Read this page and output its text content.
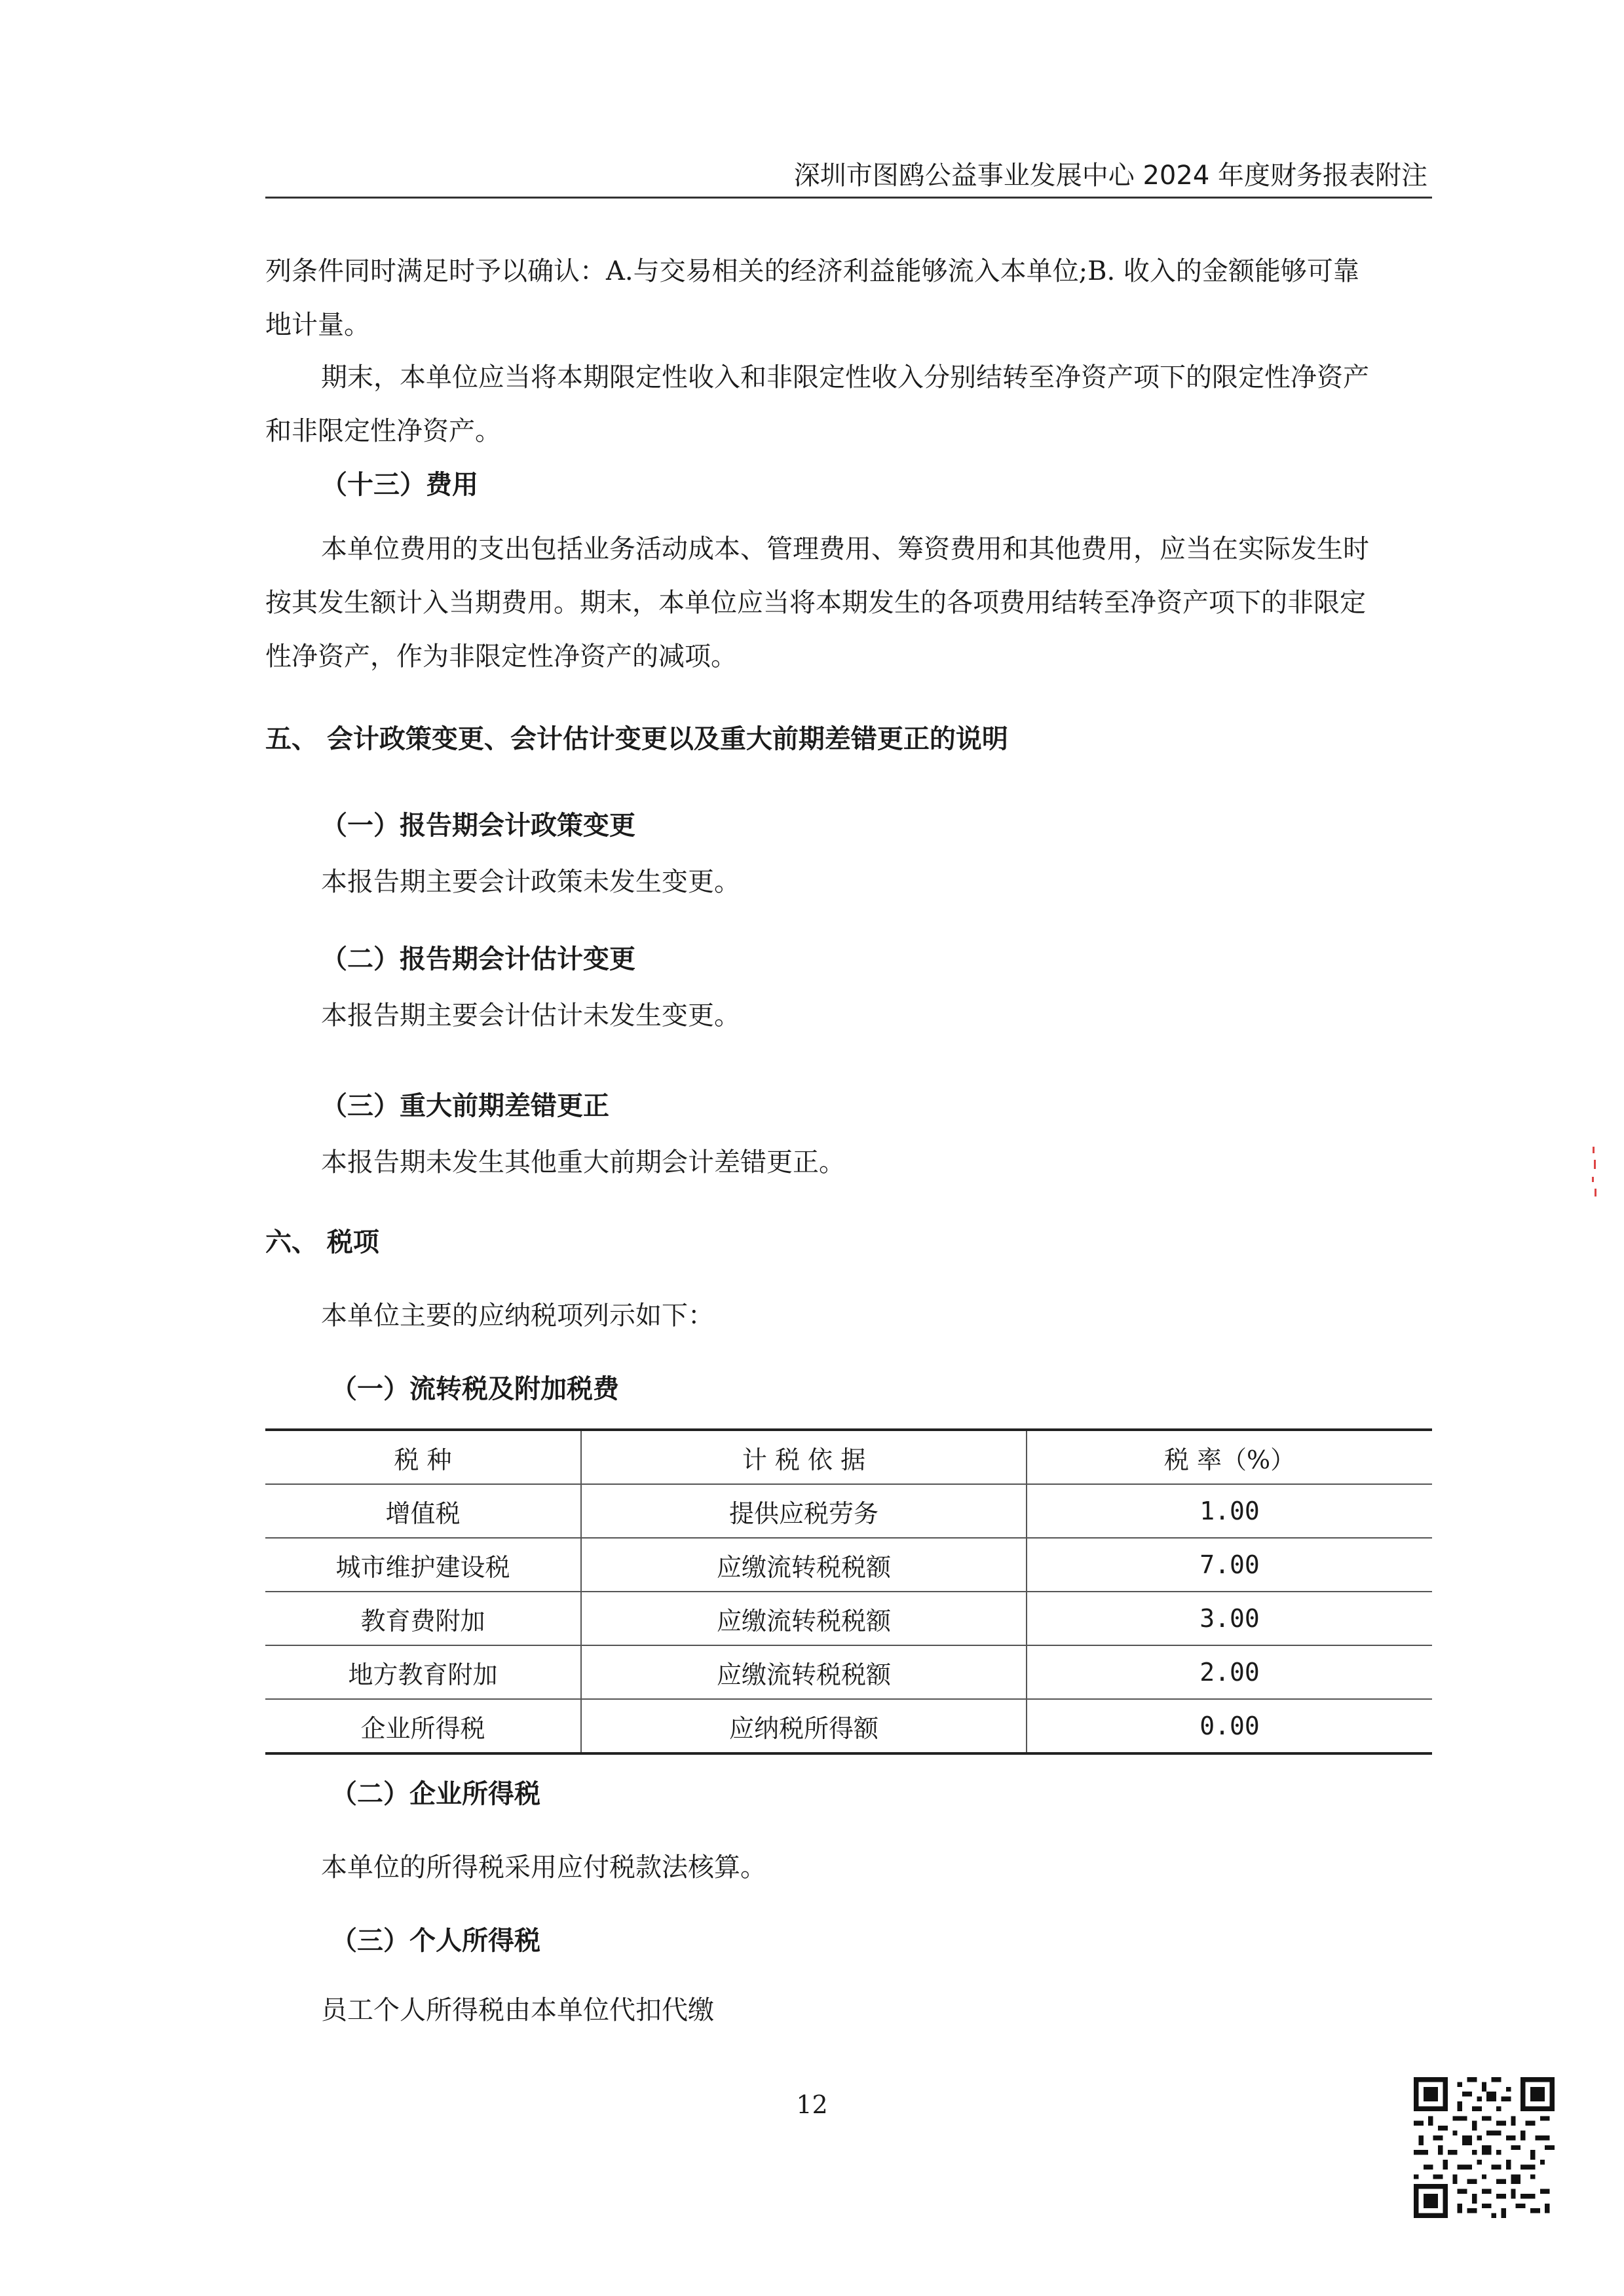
深圳市图鸥公益事业发展中心 2024 年度财务报表附注
列条件同时满足时予以确认：A.与交易相关的经济利益能够流入本单位;B. 收入的金额能够可靠
地计量。
期末，本单位应当将本期限定性收入和非限定性收入分别结转至净资产项下的限定性净资产
和非限定性净资产。
（十三）费用
本单位费用的支出包括业务活动成本、管理费用、筹资费用和其他费用，应当在实际发生时
按其发生额计入当期费用。期末，本单位应当将本期发生的各项费用结转至净资产项下的非限定
性净资产，作为非限定性净资产的减项。
五、 会计政策变更、会计估计变更以及重大前期差错更正的说明
（一）报告期会计政策变更
本报告期主要会计政策未发生变更。
（二）报告期会计估计变更
本报告期主要会计估计未发生变更。
（三）重大前期差错更正
本报告期未发生其他重大前期会计差错更正。
六、 税项
本单位主要的应纳税项列示如下：
（一）流转税及附加税费
税 种	计 税 依 据	税 率（%）
增值税	提供应税劳务	1.00
城市维护建设税	应缴流转税税额	7.00
教育费附加	应缴流转税税额	3.00
地方教育附加	应缴流转税税额	2.00
企业所得税	应纳税所得额	0.00
（二）企业所得税
本单位的所得税采用应付税款法核算。
（三）个人所得税
员工个人所得税由本单位代扣代缴
12
